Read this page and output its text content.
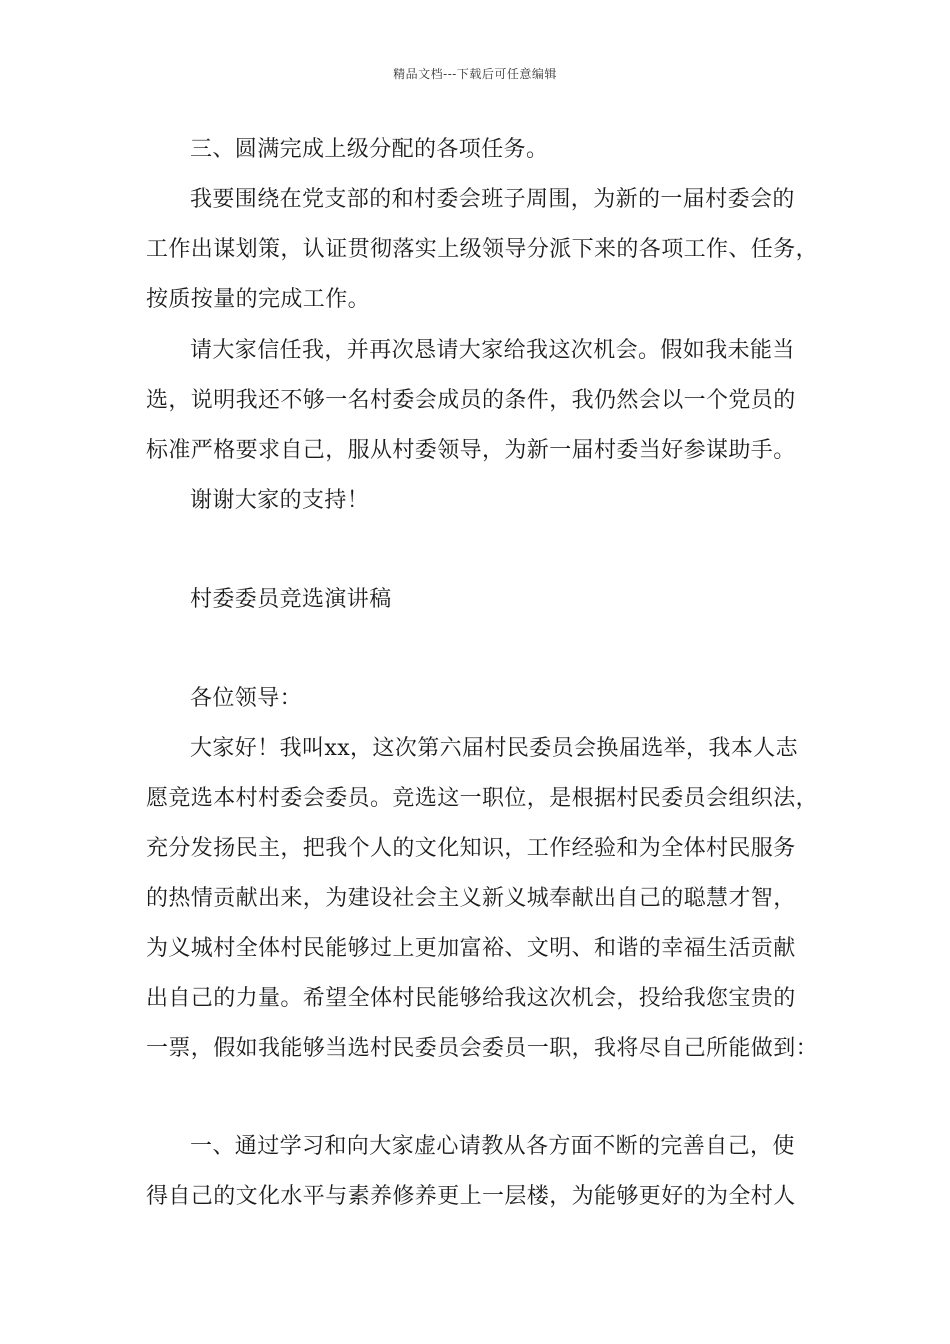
精品文档---下载后可任意编辑
三、圆满完成上级分配的各项任务。
我要围绕在党支部的和村委会班子周围，为新的一届村委会的
工作出谋划策，认证贯彻落实上级领导分派下来的各项工作、任务，
按质按量的完成工作。
请大家信任我，并再次恳请大家给我这次机会。假如我未能当
选，说明我还不够一名村委会成员的条件，我仍然会以一个党员的
标准严格要求自己，服从村委领导，为新一届村委当好参谋助手。
谢谢大家的支持！
村委委员竞选演讲稿
各位领导：
大家好！我叫xx，这次第六届村民委员会换届选举，我本人志
愿竞选本村村委会委员。竞选这一职位，是根据村民委员会组织法，
充分发扬民主，把我个人的文化知识，工作经验和为全体村民服务
的热情贡献出来，为建设社会主义新义城奉献出自己的聪慧才智，
为义城村全体村民能够过上更加富裕、文明、和谐的幸福生活贡献
出自己的力量。希望全体村民能够给我这次机会，投给我您宝贵的
一票，假如我能够当选村民委员会委员一职，我将尽自己所能做到：
一、通过学习和向大家虚心请教从各方面不断的完善自己，使
得自己的文化水平与素养修养更上一层楼，为能够更好的为全村人
